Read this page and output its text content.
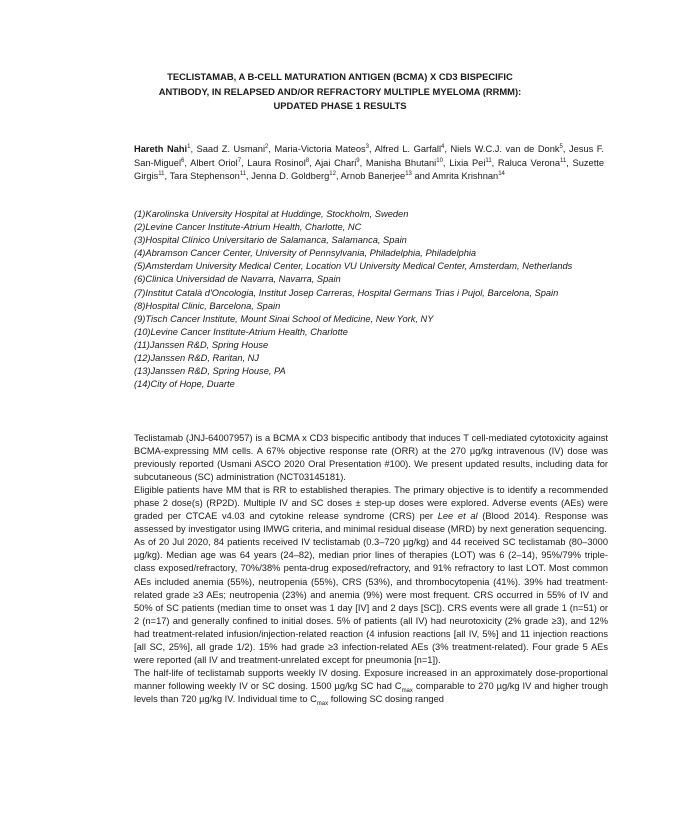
TECLISTAMAB, A B-CELL MATURATION ANTIGEN (BCMA) X CD3 BISPECIFIC ANTIBODY, IN RELAPSED AND/OR REFRACTORY MULTIPLE MYELOMA (RRMM): UPDATED PHASE 1 RESULTS
Hareth Nahi$^1$, Saad Z. Usmani$^2$, Maria-Victoria Mateos$^3$, Alfred L. Garfall$^4$, Niels W.C.J. van de Donk$^5$, Jesus F. San-Miguel$^6$, Albert Oriol$^7$, Laura Rosinol$^8$, Ajai Chari$^9$, Manisha Bhutani$^{10}$, Lixia Pei$^{11}$, Raluca Verona$^{11}$, Suzette Girgis$^{11}$, Tara Stephenson$^{11}$, Jenna D. Goldberg$^{12}$, Arnob Banerjee$^{13}$ and Amrita Krishnan$^{14}$
(1)Karolinska University Hospital at Huddinge, Stockholm, Sweden
(2)Levine Cancer Institute-Atrium Health, Charlotte, NC
(3)Hospital Clínico Universitario de Salamanca, Salamanca, Spain
(4)Abramson Cancer Center, University of Pennsylvania, Philadelphia, Philadelphia
(5)Amsterdam University Medical Center, Location VU University Medical Center, Amsterdam, Netherlands
(6)Clinica Universidad de Navarra, Navarra, Spain
(7)Institut Català d'Oncologia, Institut Josep Carreras, Hospital Germans Trias i Pujol, Barcelona, Spain
(8)Hospital Clinic, Barcelona, Spain
(9)Tisch Cancer Institute, Mount Sinai School of Medicine, New York, NY
(10)Levine Cancer Institute-Atrium Health, Charlotte
(11)Janssen R&D, Spring House
(12)Janssen R&D, Raritan, NJ
(13)Janssen R&D, Spring House, PA
(14)City of Hope, Duarte

Teclistamab (JNJ-64007957) is a BCMA x CD3 bispecific antibody that induces T cell-mediated cytotoxicity against BCMA-expressing MM cells. A 67% objective response rate (ORR) at the 270 µg/kg intravenous (IV) dose was previously reported (Usmani ASCO 2020 Oral Presentation #100). We present updated results, including data for subcutaneous (SC) administration (NCT03145181).

Eligible patients have MM that is RR to established therapies. The primary objective is to identify a recommended phase 2 dose(s) (RP2D). Multiple IV and SC doses ± step-up doses were explored. Adverse events (AEs) were graded per CTCAE v4.03 and cytokine release syndrome (CRS) per Lee et al (Blood 2014). Response was assessed by investigator using IMWG criteria, and minimal residual disease (MRD) by next generation sequencing.

As of 20 Jul 2020, 84 patients received IV teclistamab (0.3–720 µg/kg) and 44 received SC teclistamab (80–3000 µg/kg). Median age was 64 years (24–82), median prior lines of therapies (LOT) was 6 (2–14), 95%/79% triple-class exposed/refractory, 70%/38% penta-drug exposed/refractory, and 91% refractory to last LOT. Most common AEs included anemia (55%), neutropenia (55%), CRS (53%), and thrombocytopenia (41%). 39% had treatment-related grade ≥3 AEs; neutropenia (23%) and anemia (9%) were most frequent. CRS occurred in 55% of IV and 50% of SC patients (median time to onset was 1 day [IV] and 2 days [SC]). CRS events were all grade 1 (n=51) or 2 (n=17) and generally confined to initial doses. 5% of patients (all IV) had neurotoxicity (2% grade ≥3), and 12% had treatment-related infusion/injection-related reaction (4 infusion reactions [all IV, 5%] and 11 injection reactions [all SC, 25%], all grade 1/2). 15% had grade ≥3 infection-related AEs (3% treatment-related). Four grade 5 AEs were reported (all IV and treatment-unrelated except for pneumonia [n=1]).

The half-life of teclistamab supports weekly IV dosing. Exposure increased in an approximately dose-proportional manner following weekly IV or SC dosing. 1500 µg/kg SC had $C_{max}$ comparable to 270 µg/kg IV and higher trough levels than 720 µg/kg IV. Individual time to $C_{max}$ following SC dosing ranged
